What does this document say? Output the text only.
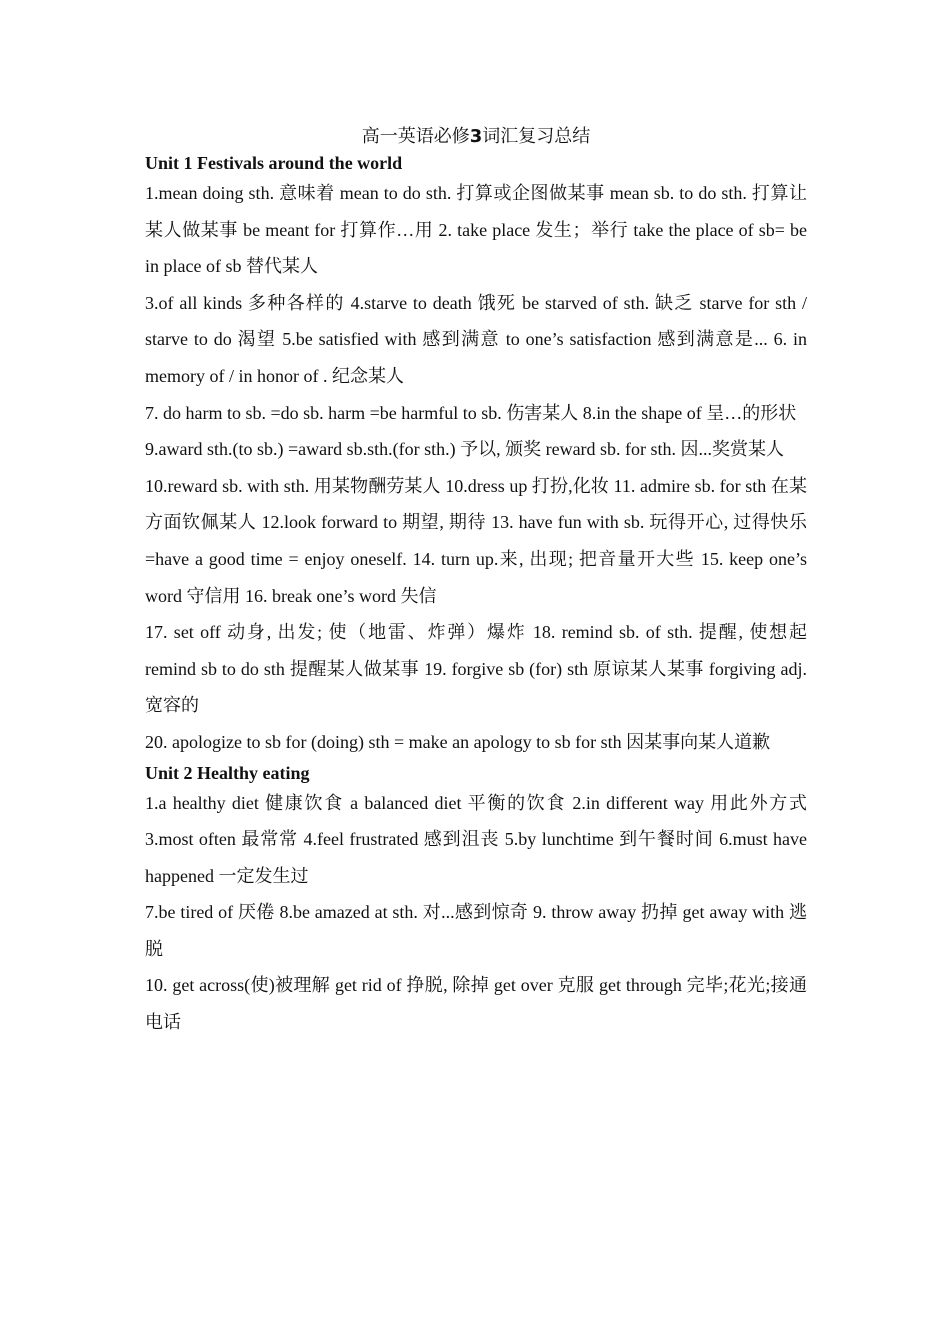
高一英语必修3词汇复习总结
Unit 1 Festivals around the world

1.mean doing sth. 意味着 mean to do sth. 打算或企图做某事 mean sb. to do sth. 打算让某人做某事 be meant for 打算作…用 2. take place 发生；举行 take the place of sb= be in place of sb 替代某人

3.of all kinds 多种各样的 4.starve to death 饿死 be starved of sth. 缺乏 starve for sth / starve to do 渴望 5.be satisfied with 感到满意 to one’s satisfaction 感到满意是... 6. in memory of / in honor of . 纪念某人

7. do harm to sb. =do sb. harm =be harmful to sb. 伤害某人 8.in the shape of 呈…的形状

9.award sth.(to sb.) =award sb.sth.(for sth.) 予以, 颁奖 reward sb. for sth. 因...奖赏某人

10.reward sb. with sth. 用某物酬劳某人 10.dress up 打扮,化妆 11. admire sb. for sth 在某方面钦佩某人 12.look forward to 期望, 期待 13. have fun with sb. 玩得开心, 过得快乐 =have a good time = enjoy oneself. 14. turn up.来, 出现; 把音量开大些 15. keep one’s word 守信用 16. break one’s word 失信

17. set off 动身, 出发; 使（地雷、炸弹）爆炸 18. remind sb. of sth. 提醒, 使想起 remind sb to do sth 提醒某人做某事 19. forgive sb (for) sth 原谅某人某事 forgiving adj. 宽容的

20. apologize to sb for (doing) sth = make an apology to sb for sth 因某事向某人道歉

Unit 2 Healthy eating

1.a healthy diet 健康饮食 a balanced diet 平衡的饮食 2.in different way 用此外方式 3.most often 最常常 4.feel frustrated 感到沮丧 5.by lunchtime 到午餐时间 6.must have happened 一定发生过

7.be tired of 厌倦 8.be amazed at sth. 对...感到惊奇 9. throw away 扔掉 get away with 逃脱

10. get across(使)被理解 get rid of 挣脱, 除掉 get over 克服 get through 完毕;花光;接通电话
